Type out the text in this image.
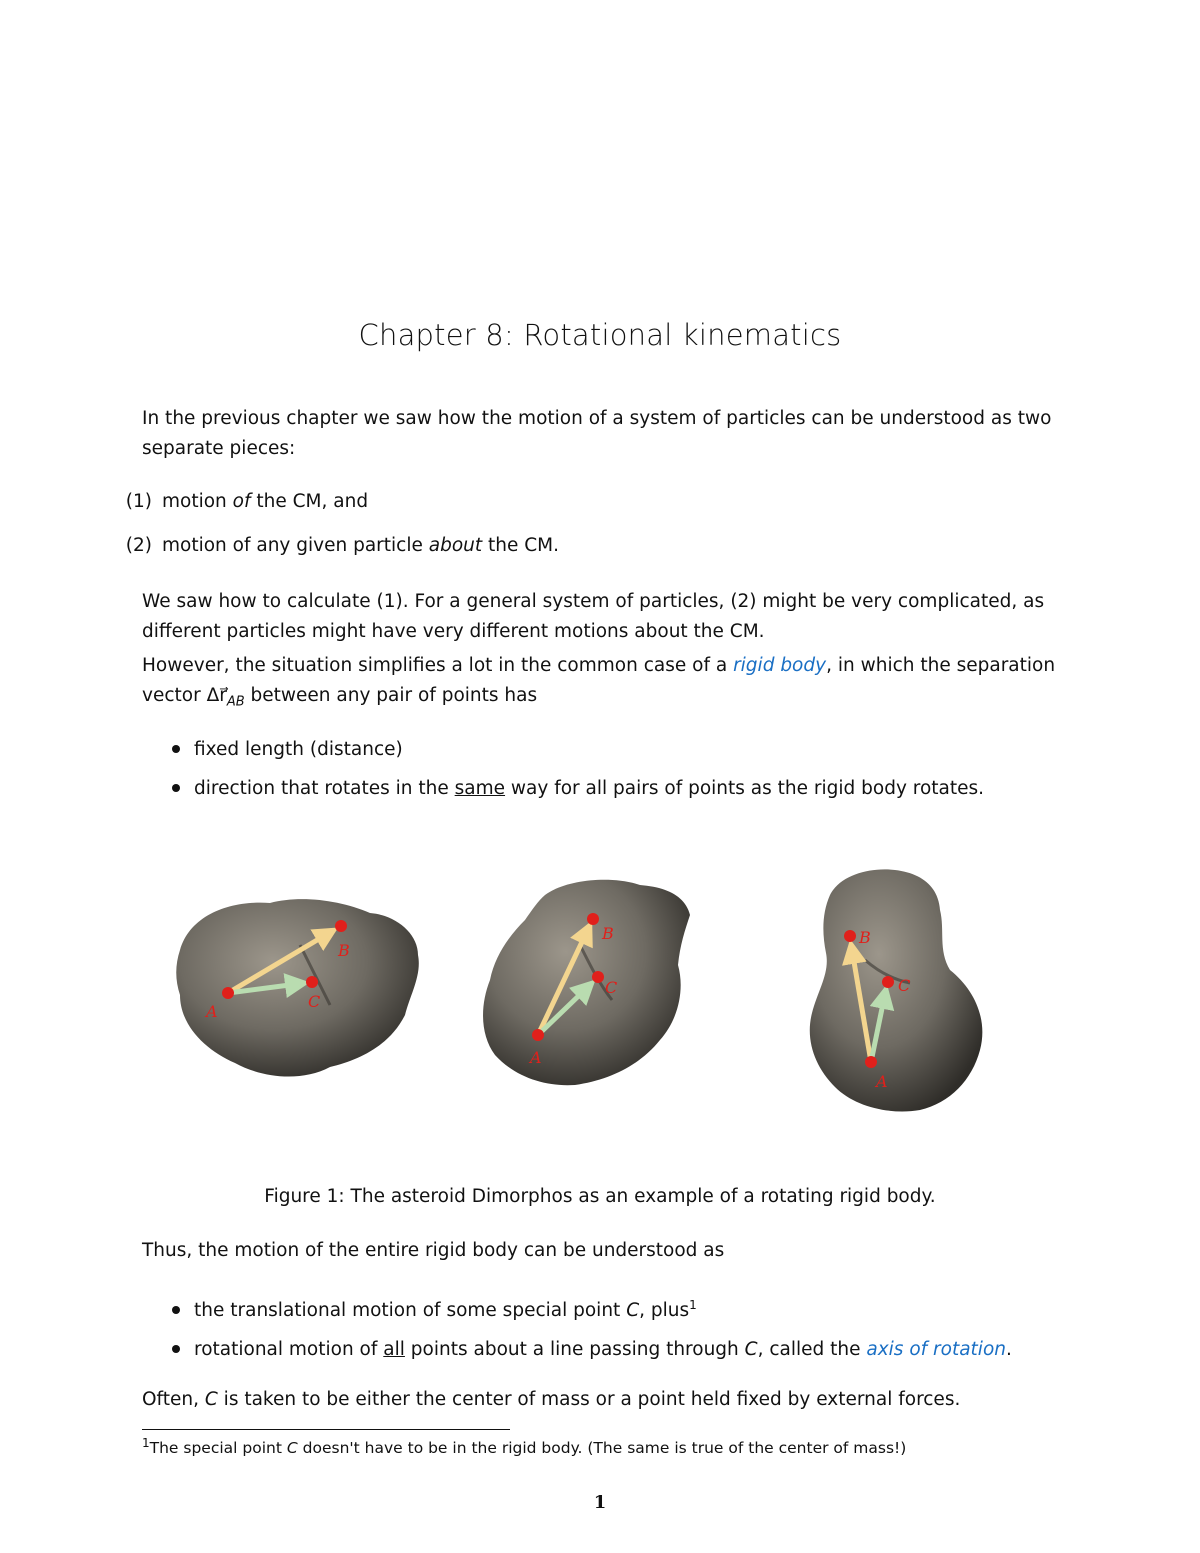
Chapter 8: Rotational kinematics
In the previous chapter we saw how the motion of a system of particles can be understood as two
separate pieces:
(1) motion of the CM, and
(2) motion of any given particle about the CM.
We saw how to calculate (1). For a general system of particles, (2) might be very complicated, as
different particles might have very different motions about the CM.
However, the situation simplifies a lot in the common case of a rigid body, in which the separation
vector $\Delta r⃗_{AB}$ between any pair of points has
fixed length (distance)
direction that rotates in the same way for all pairs of points as the rigid body rotates.
A
B
C
A
B
C
A
B
C
Figure 1: The asteroid Dimorphos as an example of a rotating rigid body.
Thus, the motion of the entire rigid body can be understood as
the translational motion of some special point C, plus$^1$
rotational motion of all points about a line passing through C, called the axis of rotation.
Often, C is taken to be either the center of mass or a point held fixed by external forces.
$^1$The special point C doesn't have to be in the rigid body. (The same is true of the center of mass!)
1
